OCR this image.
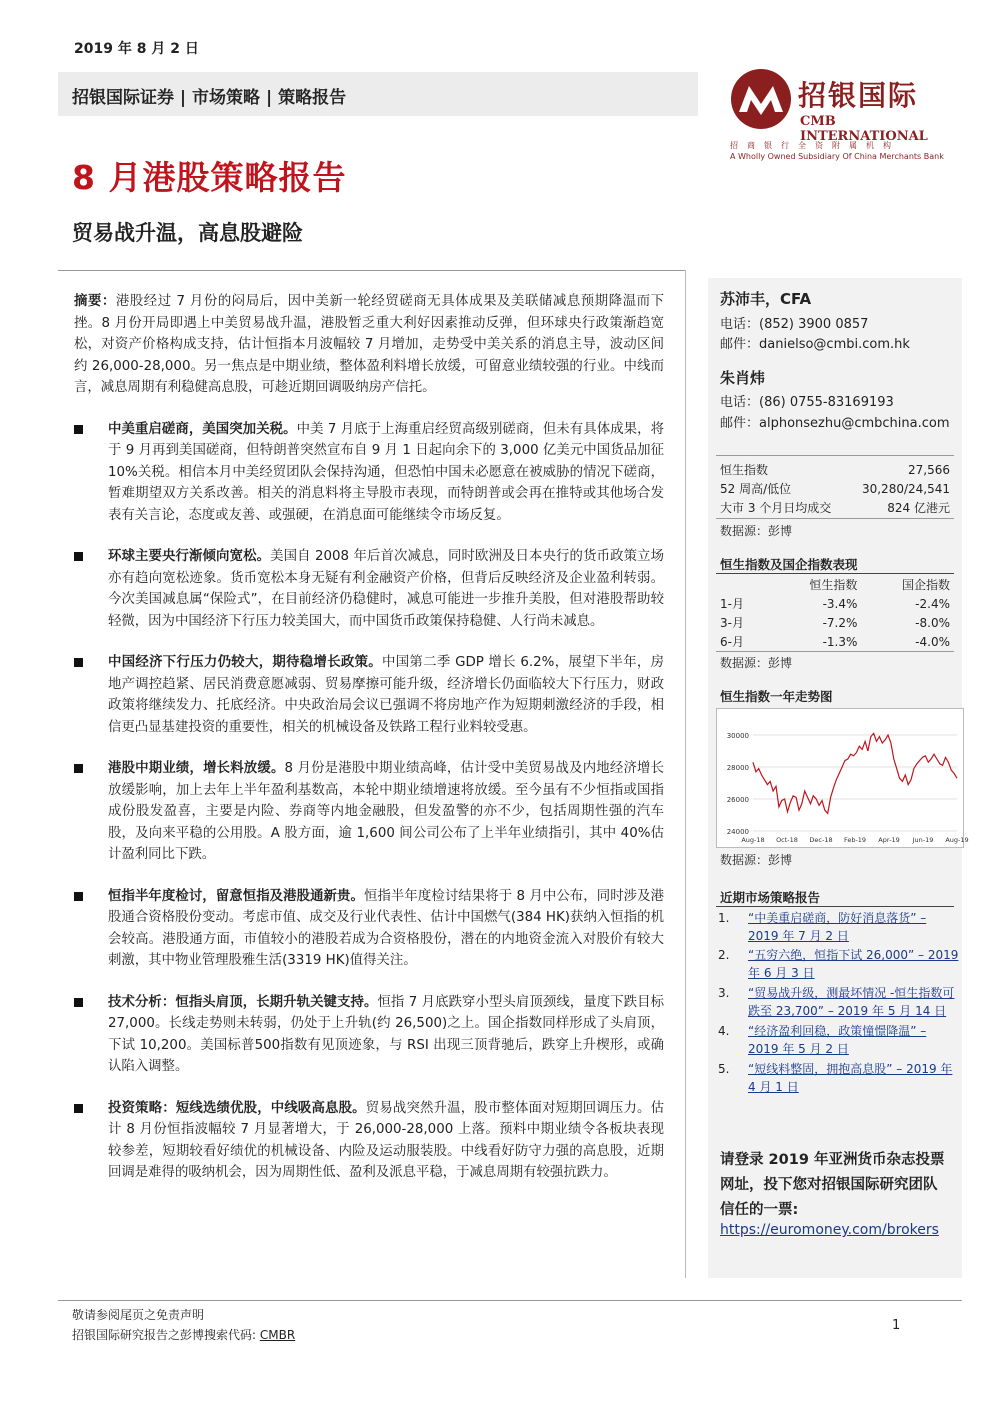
2019 年 8 月 2 日
招银国际证券 | 市场策略 | 策略报告	招银国际
CMB INTERNATIONAL
招商银行全资附属机构
A Wholly Owned Subsidiary Of China Merchants Bank
8 月港股策略报告
贸易战升温，高息股避险

摘要：港股经过 7 月份的闷局后，因中美新一轮经贸磋商无具体成果及美联储减息预期降温而下挫。8 月份开局即遇上中美贸易战升温，港股暂乏重大利好因素推动反弹，但环球央行政策渐趋宽松，对资产价格构成支持，估计恒指本月波幅较 7 月增加，走势受中美关系的消息主导，波动区间约 26,000-28,000。另一焦点是中期业绩，整体盈利料增长放缓，可留意业绩较强的行业。中线而言，减息周期有利稳健高息股，可趁近期回调吸纳房产信托。

中美重启磋商，美国突加关税。中美 7 月底于上海重启经贸高级别磋商，但未有具体成果，将于 9 月再到美国磋商，但特朗普突然宣布自 9 月 1 日起向余下的 3,000 亿美元中国货品加征 10%关税。相信本月中美经贸团队会保持沟通，但恐怕中国未必愿意在被威胁的情况下磋商，暂难期望双方关系改善。相关的消息料将主导股市表现，而特朗普或会再在推特或其他场合发表有关言论，态度或友善、或强硬，在消息面可能继续令市场反复。

环球主要央行渐倾向宽松。美国自 2008 年后首次减息，同时欧洲及日本央行的货币政策立场亦有趋向宽松迹象。货币宽松本身无疑有利金融资产价格，但背后反映经济及企业盈利转弱。今次美国减息属“保险式”，在目前经济仍稳健时，减息可能进一步推升美股，但对港股帮助较轻微，因为中国经济下行压力较美国大，而中国货币政策保持稳健、人行尚未减息。

中国经济下行压力仍较大，期待稳增长政策。中国第二季 GDP 增长 6.2%，展望下半年，房地产调控趋紧、居民消费意愿减弱、贸易摩擦可能升级，经济增长仍面临较大下行压力，财政政策将继续发力、托底经济。中央政治局会议已强调不将房地产作为短期刺激经济的手段，相信更凸显基建投资的重要性，相关的机械设备及铁路工程行业料较受惠。

港股中期业绩，增长料放缓。8 月份是港股中期业绩高峰，估计受中美贸易战及内地经济增长放缓影响，加上去年上半年盈利基数高，本轮中期业绩增速将放缓。至今虽有不少恒指或国指成份股发盈喜，主要是内险、券商等内地金融股，但发盈警的亦不少，包括周期性强的汽车股，及向来平稳的公用股。A 股方面，逾 1,600 间公司公布了上半年业绩指引，其中 40%估计盈利同比下跌。

恒指半年度检讨，留意恒指及港股通新贵。恒指半年度检讨结果将于 8 月中公布，同时涉及港股通合资格股份变动。考虑市值、成交及行业代表性、估计中国燃气(384 HK)获纳入恒指的机会较高。港股通方面，市值较小的港股若成为合资格股份，潜在的内地资金流入对股价有较大刺激，其中物业管理股雅生活(3319 HK)值得关注。

技术分析：恒指头肩顶，长期升轨关键支持。恒指 7 月底跌穿小型头肩顶颈线，量度下跌目标 27,000。长线走势则未转弱，仍处于上升轨(约 26,500)之上。国企指数同样形成了头肩顶，下试 10,200。美国标普500指数有见顶迹象，与 RSI 出现三顶背驰后，跌穿上升楔形，或确认陷入调整。

投资策略：短线选绩优股，中线吸高息股。贸易战突然升温，股市整体面对短期回调压力。估计 8 月份恒指波幅较 7 月显著增大，于 26,000-28,000 上落。预料中期业绩令各板块表现较参差，短期较看好绩优的机械设备、内险及运动服装股。中线看好防守力强的高息股，近期回调是难得的吸纳机会，因为周期性低、盈利及派息平稳，于减息周期有较强抗跌力。

苏沛丰，CFA
电话：(852) 3900 0857
邮件：danielso@cmbi.com.hk
朱肖炜
电话：(86) 0755-83169193
邮件：alphonsezhu@cmbchina.com
恒生指数	27,566
52 周高/低位	30,280/24,541
大市 3 个月日均成交	824 亿港元
数据源：彭博
恒生指数及国企指数表现
	恒生指数	国企指数
1-月	-3.4%	-2.4%
3-月	-7.2%	-8.0%
6-月	-1.3%	-4.0%
数据源：彭博
恒生指数一年走势图
30000
28000
26000
24000
Aug-18 Oct-18 Dec-18 Feb-19 Apr-19 Jun-19 Aug-19
数据源：彭博
近期市场策略报告
1. “中美重启磋商，防好消息落货” – 2019 年 7 月 2 日
2. “五穷六绝，恒指下试 26,000” – 2019 年 6 月 3 日
3. “贸易战升级，测最坏情况 -恒生指数可跌至 23,700” – 2019 年 5 月 14 日
4. “经济盈利回稳，政策憧憬降温” – 2019 年 5 月 2 日
5. “短线料整固，拥抱高息股” – 2019 年 4 月 1 日
请登录 2019 年亚洲货币杂志投票网址，投下您对招银国际研究团队信任的一票:
https://euromoney.com/brokers
敬请参阅尾页之免责声明
招银国际研究报告之彭博搜索代码: CMBR
1
